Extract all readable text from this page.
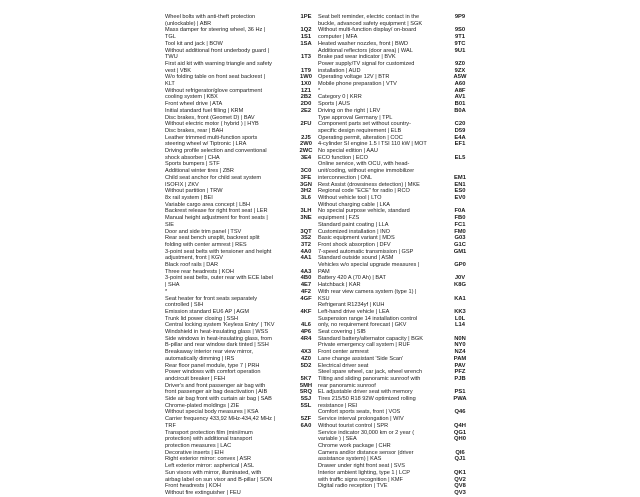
Wheel bolts with anti-theft protection
(unlockable) | ABR
Mass damper for steering wheel, 36 Hz |
TGL
Tool kit and jack | BOW
Without additional front underbody guard |
TWU
First aid kit with warning triangle and safety
vest | VBK
W/o folding table on front seat backrest |
KLT
Without refrigerator/glove compartment
cooling system | KBX
Front wheel drive | ATA
Initial standard fuel filling | KRM
Disc brakes, front (Geomet D) | BAV
Without electric motor ( hybrid ) | HYB
Disc brakes, rear | BAH
Leather trimmed multi-function sports
steering wheel w/ Tiptronic | LRA
Driving profile selection and conventional
shock absorber | CHA
Sports bumpers | STF
Additional winter tires | ZBR
Child seat anchor for child seat system
ISOFIX | ZKV
Without partition | TRW
8x rail system | BEI
Variable cargo area concept | LBH
Backrest release for right front seat | LER
Manual height adjustment for front seats |
SIE
Door and side trim panel | TSV
Rear seat bench unsplit, backrest split
folding with center armrest | RES
3-point seat belts with tensioner and height
adjustment, front | KGV
Black roof rails | DAR
Three rear headrests | KOH
3-point seat belts, outer rear with ECE label
| SHA
*
Seat heater for front seats separately
controlled | SIH
Emission standard EU6 AP | AGM
Trunk lid power closing | SSH
Central locking system 'Keyless Entry' | TKV
Windshield in heat-insulating glass | WSS
Side windows in heat-insulating glass, from
B-pillar and rear window dark tinted | SSH
Breakaway interior rear view mirror,
automatically dimming | IRS
Rear floor panel module, type 7 | PRH
Power windows with comfort operation
andcircuit breaker | FEH
Driver's and front passenger air bag with
front passenger air bag deactivation | AIB
Side air bag front with curtain air bag | SAB
Chrome-plated moldings | ZIE
Without special body measures | KSA
Carrier frequency 433,92 MHz-434,42 MHz |
TRF
Transport protection film (mini/mum
protection) with additional transport
protection measures | LAC
Decorative inserts | EIH
Right exterior mirror: convex | ASR
Left exterior mirror: aspherical | ASL
Sun visors with mirror, illuminated, with
airbag label on sun visor and B-pillar | SON
Front headrests | KOH
Without fire extinguisher | FEU
1PE

1Q2
1S1
1SA

1T3

1T9
1W0
1X0
1Z1
2B2
2D0
2E2

2FU

2J5
2W0
2WC
3E4

3C0
3FE
3GN
3H2
3L6

3LH
3NE

3QT
3S2
3T2
4A0
4A1

4A3
4B0
4E7
4F2
4GF

4KF

4L6
4P6
4R4

4X3
4Z0
5D2

5K7
5MH
5RQ
5SJ
5SL

5ZF
6A0
Seat belt reminder, electric contact in the
buckle, advanced safety equipment | SGK
Without multi-function display/ on-board
computer | MFA
Heated washer nozzles, front | BWD
Additional reflectors (door area) | WAL
Brake pad wear indicator | BVK
Power supply/TV signal for customized
installation | AUD
Operating voltage 12V | BTR
Mobile phone preparation | VTV
*
Category 0 | KRR
Sports | AUS
Driving on the right | LRV
Type approval Germany | TPL
Component parts set without country-
specific design requirement | ELB
Operating permit, alteration | COC
4-cylinder SI engine 1.5 l TSI 110 kW | MOT
No special edition | AAU
ECO function | ECO
Online service, with OCU, with head-
unit/coding, without engine immobilizer
interconnection | ONL
Rest Assist (drowsiness detection) | MKE
Regional code "ECE" for radio | RCO
Without vehicle tool | LTO
Without charging cable | LKA
No special purpose vehicle, standard
equipment | FZS
Standard paint coating | LLA
Customized installation | INO
Basic equipment variant | MDS
Front shock absorption | DFV
7-speed automatic transmission | GSP
Standard outside sound | ASM
Vehicles w/o special upgrade measures |
PAM
Battery 420 A (70 Ah) | BAT
Hatchback | KAR
With rear view camera system (type 1) |
KSU
Refrigerant R1234yf | KUH
Left-hand drive vehicle | LEA
Suspension range 14 installation control
only, no requirement forecast | GKV
Seat covering | SIB
Standard battery/alternator capacity | BGK
Private emergency call system | RUF
Front center armrest
Lane change assistant 'Side Scan'
Electrical driver seat
Steel spare wheel, car jack, wheel wrench
Tilting and sliding panoramic sunroof with
rear panoramic sunroof
EL adjustable driver seat with memory
Tires 215/50 R18 92W optimized rolling
resistance | REI
Comfort sports seats, front | VOS
Service interval prolongation | WIV
Without tourist control | SPR
Service indicator 30,000 km or 2 year (
variable ) | SEA
Chrome work package | CHR
Camera and/or distance sensor (driver
assistance system) | KAS
Drawer under right front seat | SVS
Interior ambient lighting, type 1 | LCP
with traffic signs recognition | KMF
Digital radio reception | TVE
9P9

9S0
9T1
9TC
9U1

9Z0
9ZX
A5W
A60
A8F
AV1
B01
B0A

C20
D59
E4A
EF1

EL5

EM1
EN1
ES0
EV0

F0A
FB0
FC1
FM0
G03
G1C
GM1

GP0

J0V
K8G

KA1

KK3
L0L
L14

N0N
NY0
NZ4
PAM
PAV
PFZ
PJB

PS1
PWA

Q46

Q4H
QG1
QH0

QI6
QJ1

QK1
QV2
QV8
QV3
